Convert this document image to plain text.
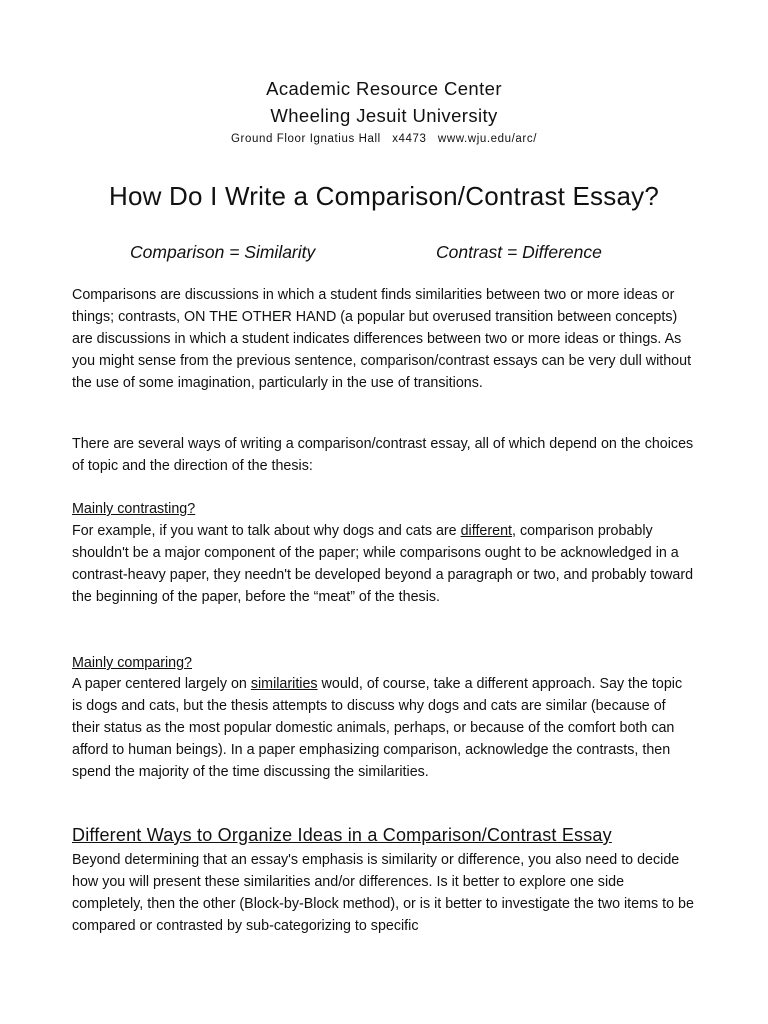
Academic Resource Center
Wheeling Jesuit University
Ground Floor Ignatius Hall   x4473   www.wju.edu/arc/
How Do I Write a Comparison/Contrast Essay?
Comparison = Similarity	Contrast = Difference
Comparisons are discussions in which a student finds similarities between two or more ideas or things; contrasts, ON THE OTHER HAND (a popular but overused transition between concepts) are discussions in which a student indicates differences between two or more ideas or things. As you might sense from the previous sentence, comparison/contrast essays can be very dull without the use of some imagination, particularly in the use of transitions.
There are several ways of writing a comparison/contrast essay, all of which depend on the choices of topic and the direction of the thesis:
Mainly contrasting?
For example, if you want to talk about why dogs and cats are different, comparison probably shouldn't be a major component of the paper; while comparisons ought to be acknowledged in a contrast-heavy paper, they needn't be developed beyond a paragraph or two, and probably toward the beginning of the paper, before the “meat” of the thesis.
Mainly comparing?
A paper centered largely on similarities would, of course, take a different approach. Say the topic is dogs and cats, but the thesis attempts to discuss why dogs and cats are similar (because of their status as the most popular domestic animals, perhaps, or because of the comfort both can afford to human beings). In a paper emphasizing comparison, acknowledge the contrasts, then spend the majority of the time discussing the similarities.
Different Ways to Organize Ideas in a Comparison/Contrast Essay
Beyond determining that an essay's emphasis is similarity or difference, you also need to decide how you will present these similarities and/or differences. Is it better to explore one side completely, then the other (Block-by-Block method), or is it better to investigate the two items to be compared or contrasted by sub-categorizing to specific
